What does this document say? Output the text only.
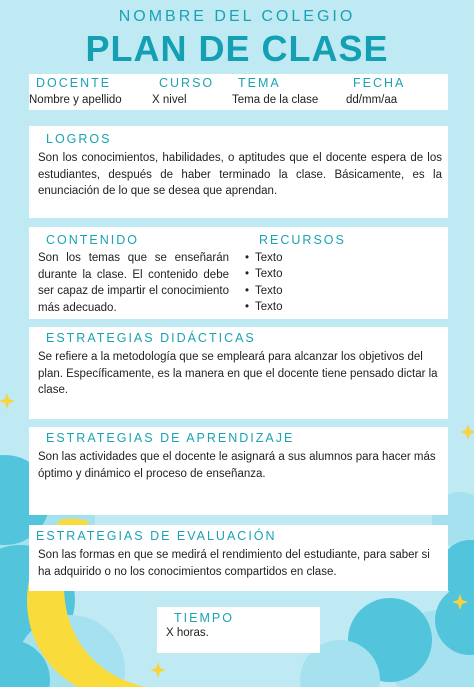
NOMBRE DEL COLEGIO
PLAN DE CLASE
DOCENTE
Nombre y apellido
CURSO
X nivel
TEMA
Tema de la clase
FECHA
dd/mm/aa
LOGROS
Son los conocimientos, habilidades, o aptitudes que el docente espera de los estudiantes, después de haber terminado la clase. Básicamente, es la enunciación de lo que se desea que aprendan.
CONTENIDO
Son los temas que se enseñarán durante la clase. El contenido debe ser capaz de impartir el conocimiento más adecuado.
RECURSOS
• Texto
• Texto
• Texto
• Texto
ESTRATEGIAS DIDÁCTICAS
Se refiere a la metodología que se empleará para alcanzar los objetivos del plan. Específicamente, es la manera en que el docente tiene pensado dictar la clase.
ESTRATEGIAS DE APRENDIZAJE
Son las actividades que el docente le asignará a sus alumnos para hacer más óptimo y dinámico el proceso de enseñanza.
ESTRATEGIAS DE EVALUACIÓN
Son las formas en que se medirá el rendimiento del estudiante, para saber si ha adquirido o no los conocimientos compartidos en clase.
TIEMPO
X horas.
